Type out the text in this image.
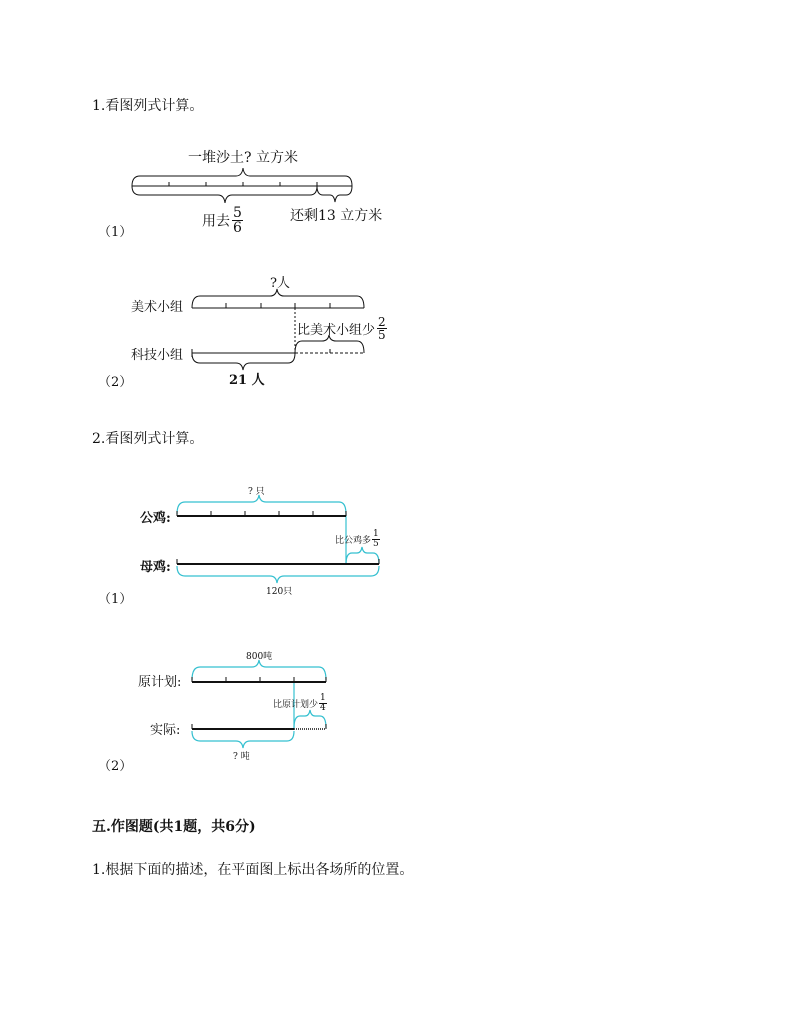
1.看图列式计算。
一堆沙土? 立方米
（1）
用去 $\frac{5}{6}$	还剩13 立方米
?人
美术小组
科技小组
比美术小组少 $\frac{2}{5}$
（2）	21 人
2.看图列式计算。
? 只
公鸡:
母鸡:
比公鸡多 $\frac{1}{5}$
（1）	120只
800吨
原计划:
实际:
比原计划少 $\frac{1}{4}$
（2）
? 吨
五.作图题(共1题，共6分)
1.根据下面的描述，在平面图上标出各场所的位置。
